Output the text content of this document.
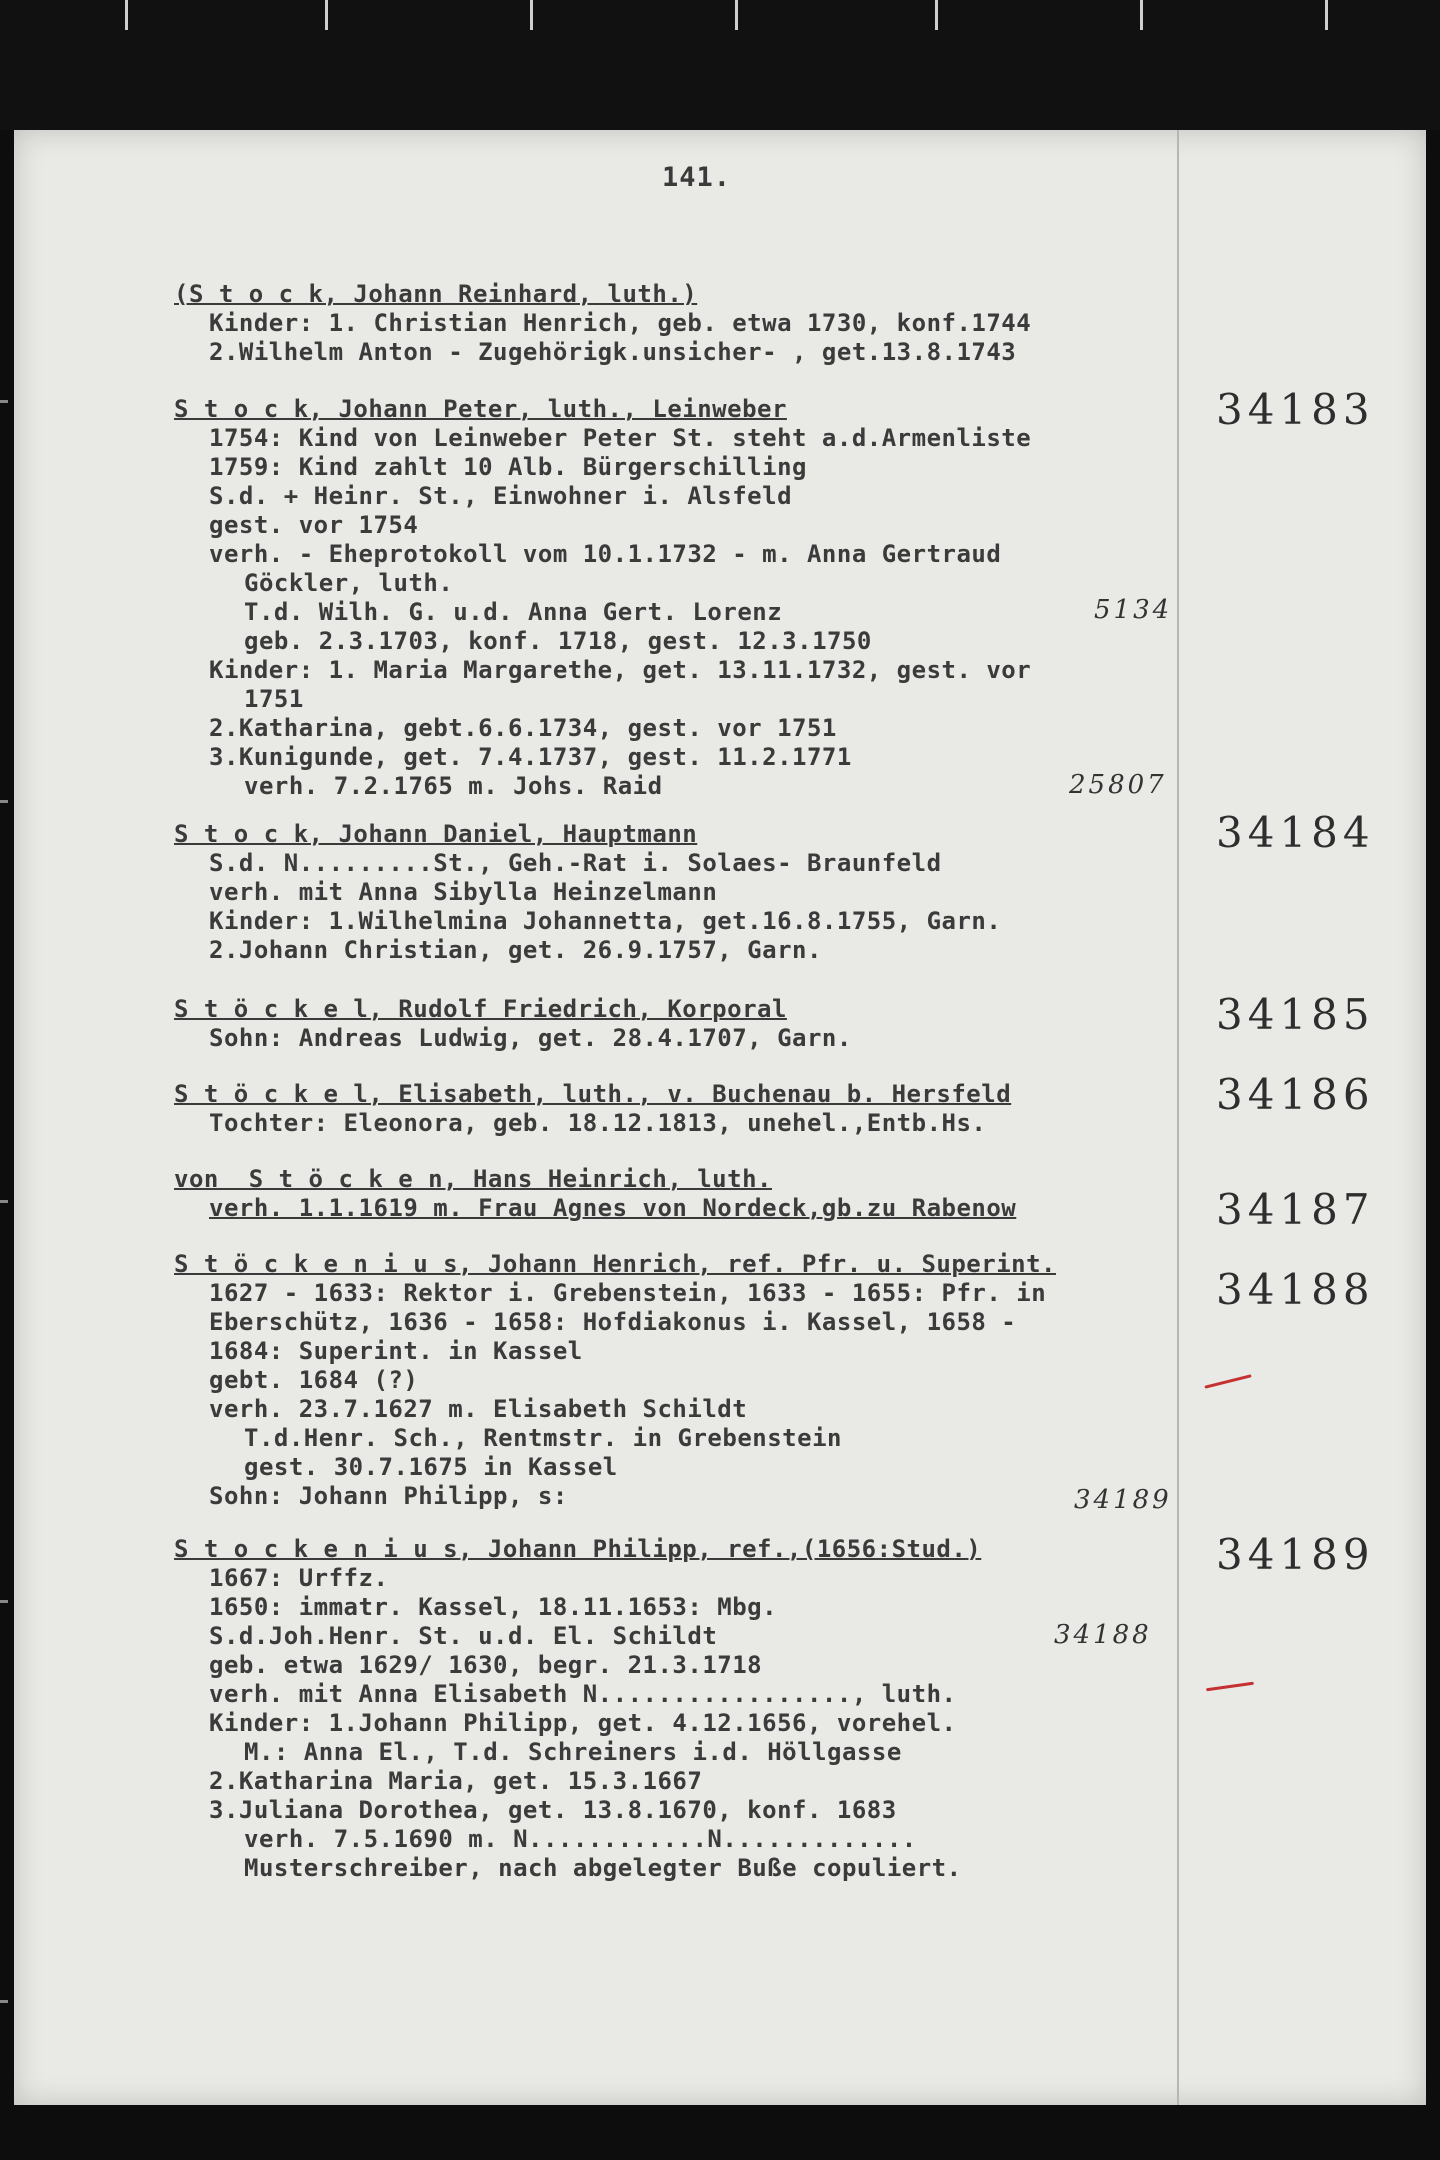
141.
(S t o c k, Johann Reinhard, luth.)
Kinder: 1. Christian Henrich, geb. etwa 1730, konf.1744
2.Wilhelm Anton - Zugehörigk.unsicher- , get.13.8.1743
34183
S t o c k, Johann Peter, luth., Leinweber
1754: Kind von Leinweber Peter St. steht a.d.Armenliste
1759: Kind zahlt 10 Alb. Bürgerschilling
S.d. + Heinr. St., Einwohner i. Alsfeld
gest. vor 1754
verh. - Eheprotokoll vom 10.1.1732 - m. Anna Gertraud
Göckler, luth.
T.d. Wilh. G. u.d. Anna Gert. Lorenz
geb. 2.3.1703, konf. 1718, gest. 12.3.1750
Kinder: 1. Maria Margarethe, get. 13.11.1732, gest. vor
1751
2.Katharina, gebt.6.6.1734, gest. vor 1751
3.Kunigunde, get. 7.4.1737, gest. 11.2.1771
verh. 7.2.1765 m. Johs. Raid
5134
25807
34184
S t o c k, Johann Daniel, Hauptmann
S.d. N.........St., Geh.-Rat i. Solaes- Braunfeld
verh. mit Anna Sibylla Heinzelmann
Kinder: 1.Wilhelmina Johannetta, get.16.8.1755, Garn.
2.Johann Christian, get. 26.9.1757, Garn.
34185
S t ö c k e l, Rudolf Friedrich, Korporal
Sohn: Andreas Ludwig, get. 28.4.1707, Garn.
34186
S t ö c k e l, Elisabeth, luth., v. Buchenau b. Hersfeld
Tochter: Eleonora, geb. 18.12.1813, unehel.,Entb.Hs.
34187
von  S t ö c k e n, Hans Heinrich, luth.
verh. 1.1.1619 m. Frau Agnes von Nordeck,gb.zu Rabenow
34188
S t ö c k e n i u s, Johann Henrich, ref. Pfr. u. Superint.
1627 - 1633: Rektor i. Grebenstein, 1633 - 1655: Pfr. in
Eberschütz, 1636 - 1658: Hofdiakonus i. Kassel, 1658 -
1684: Superint. in Kassel
gebt. 1684 (?)
verh. 23.7.1627 m. Elisabeth Schildt
T.d.Henr. Sch., Rentmstr. in Grebenstein
gest. 30.7.1675 in Kassel
Sohn: Johann Philipp, s:	34189
34189
S t o c k e n i u s, Johann Philipp, ref.,(1656:Stud.)
1667: Urffz.
1650: immatr. Kassel, 18.11.1653: Mbg.
S.d.Joh.Henr. St. u.d. El. Schildt
geb. etwa 1629/ 1630, begr. 21.3.1718
verh. mit Anna Elisabeth N................., luth.
Kinder: 1.Johann Philipp, get. 4.12.1656, vorehel.
M.: Anna El., T.d. Schreiners i.d. Höllgasse
2.Katharina Maria, get. 15.3.1667
3.Juliana Dorothea, get. 13.8.1670, konf. 1683
verh. 7.5.1690 m. N............N.............
Musterschreiber, nach abgelegter Buße copuliert.
34188
